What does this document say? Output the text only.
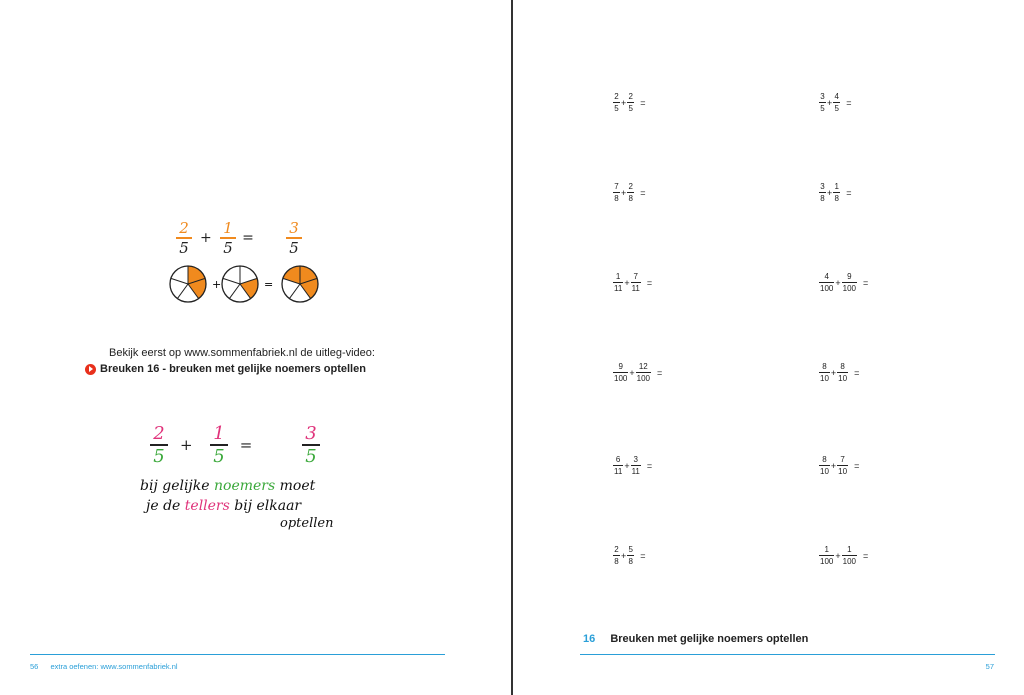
2
5
+
1
5
=
3
5
+	=
Bekijk eerst op www.sommenfabriek.nl de uitleg-video:
Breuken 16 - breuken met gelijke noemers optellen
2
5
+
1
5
=
3
5
bij gelijke noemers moet
je de tellers bij elkaar
optellen
56 extra oefenen: www.sommenfabriek.nl
$\frac{2}{5} + \frac{2}{5}$ =	$\frac{3}{5} + \frac{4}{5}$ =
$\frac{7}{8} + \frac{2}{8}$ =	$\frac{3}{8} + \frac{1}{8}$ =
$\frac{1}{11} + \frac{7}{11}$ =	$\frac{4}{100} + \frac{9}{100}$ =
$\frac{9}{100} + \frac{12}{100}$ =	$\frac{8}{10} + \frac{8}{10}$ =
$\frac{6}{11} + \frac{3}{11}$ =	$\frac{8}{10} + \frac{7}{10}$ =
$\frac{2}{8} + \frac{5}{8}$ =	$\frac{1}{100} + \frac{1}{100}$ =
57
16 Breuken met gelijke noemers optellen
